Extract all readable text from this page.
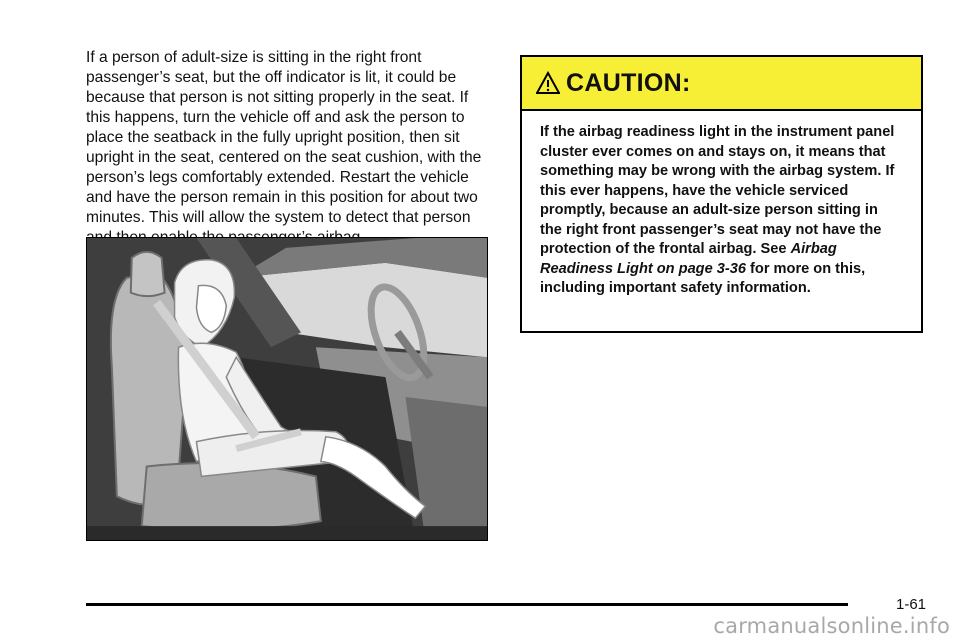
If a person of adult-size is sitting in the right front passenger’s seat, but the off indicator is lit, it could be because that person is not sitting properly in the seat. If this happens, turn the vehicle off and ask the person to place the seatback in the fully upright position, then sit upright in the seat, centered on the seat cushion, with the person’s legs comfortably extended. Restart the vehicle and have the person remain in this position for about two minutes. This will allow the system to detect that person

CAUTION:

If the airbag readiness light in the instrument panel cluster ever comes on and stays on, it means that something may be wrong with the airbag system. If this ever happens, have the vehicle serviced promptly, because an adult-size person sitting in the right front passenger’s seat may not have the protection of the frontal airbag. See Airbag Readiness Light on page 3-36 for more on this, including important safety information.

1-61
carmanualsonline.info
